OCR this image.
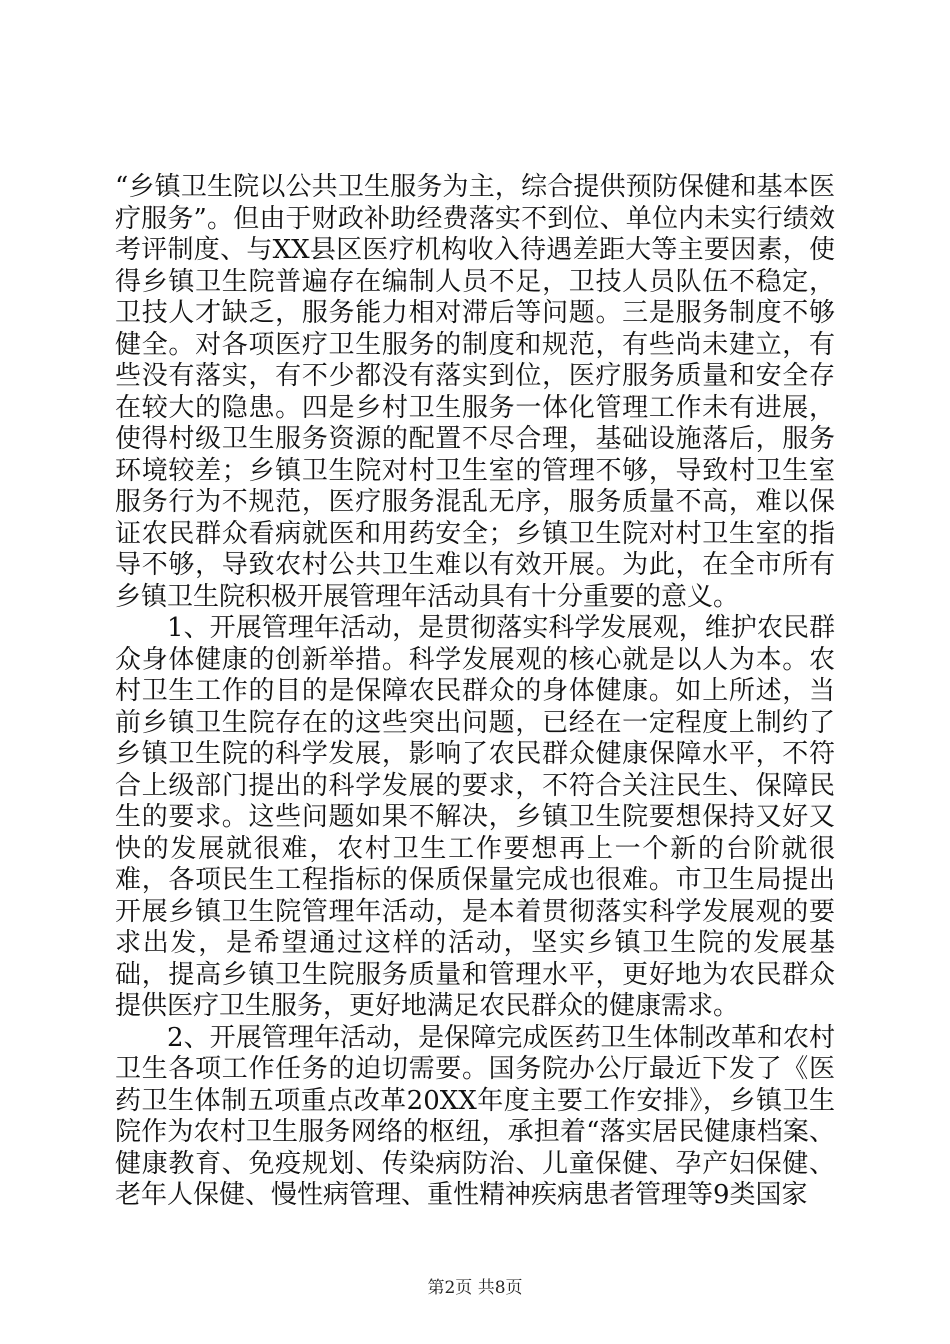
“乡镇卫生院以公共卫生服务为主，综合提供预防保健和基本医疗服务”。但由于财政补助经费落实不到位、单位内未实行绩效考评制度、与XX县区医疗机构收入待遇差距大等主要因素，使得乡镇卫生院普遍存在编制人员不足，卫技人员队伍不稳定，卫技人才缺乏，服务能力相对滞后等问题。三是服务制度不够健全。对各项医疗卫生服务的制度和规范，有些尚未建立，有些没有落实，有不少都没有落实到位，医疗服务质量和安全存在较大的隐患。四是乡村卫生服务一体化管理工作未有进展，使得村级卫生服务资源的配置不尽合理，基础设施落后，服务环境较差；乡镇卫生院对村卫生室的管理不够，导致村卫生室服务行为不规范，医疗服务混乱无序，服务质量不高，难以保证农民群众看病就医和用药安全；乡镇卫生院对村卫生室的指导不够，导致农村公共卫生难以有效开展。为此，在全市所有乡镇卫生院积极开展管理年活动具有十分重要的意义。

1、开展管理年活动，是贯彻落实科学发展观，维护农民群众身体健康的创新举措。科学发展观的核心就是以人为本。农村卫生工作的目的是保障农民群众的身体健康。如上所述，当前乡镇卫生院存在的这些突出问题，已经在一定程度上制约了乡镇卫生院的科学发展，影响了农民群众健康保障水平，不符合上级部门提出的科学发展的要求，不符合关注民生、保障民生的要求。这些问题如果不解决，乡镇卫生院要想保持又好又快的发展就很难，农村卫生工作要想再上一个新的台阶就很难，各项民生工程指标的保质保量完成也很难。市卫生局提出开展乡镇卫生院管理年活动，是本着贯彻落实科学发展观的要求出发，是希望通过这样的活动，坚实乡镇卫生院的发展基础，提高乡镇卫生院服务质量和管理水平，更好地为农民群众提供医疗卫生服务，更好地满足农民群众的健康需求。

2、开展管理年活动，是保障完成医药卫生体制改革和农村卫生各项工作任务的迫切需要。国务院办公厅最近下发了《医药卫生体制五项重点改革20XX年度主要工作安排》，乡镇卫生院作为农村卫生服务网络的枢纽，承担着“落实居民健康档案、健康教育、免疫规划、传染病防治、儿童保健、孕产妇保健、老年人保健、慢性病管理、重性精神疾病患者管理等9类国家

第2页 共8页
